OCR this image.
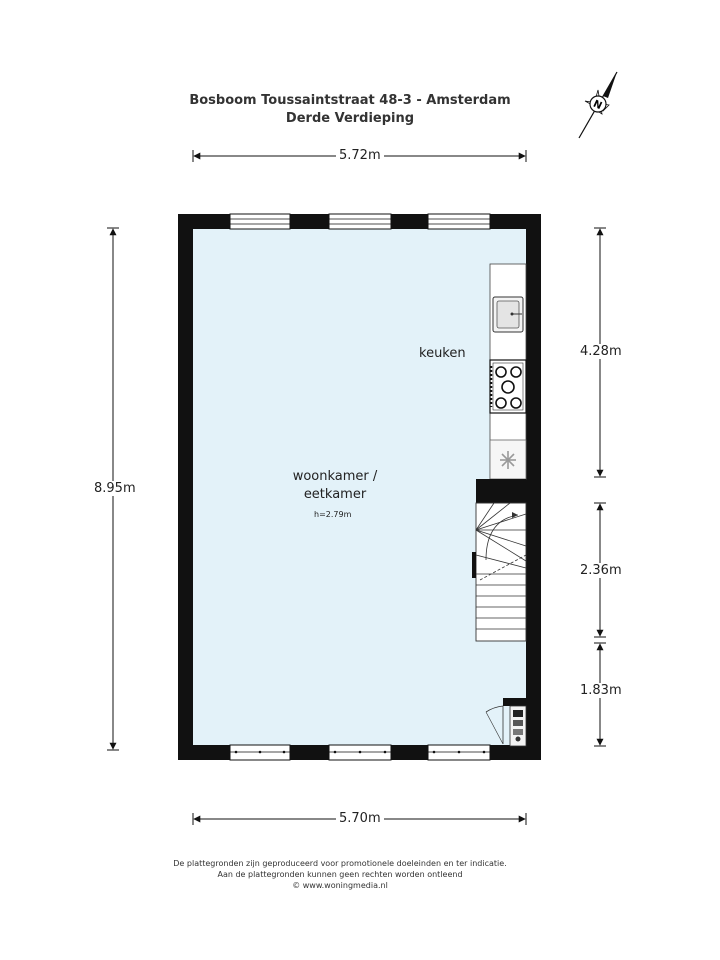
Bosboom Toussaintstraat 48-3 - Amsterdam
Derde Verdieping
N
5.72m
5.70m
8.95m
4.28m
2.36m
1.83m
keuken
woonkamer /
eetkamer
h=2.79m
De plattegronden zijn geproduceerd voor promotionele doeleinden en ter indicatie.
Aan de plattegronden kunnen geen rechten worden ontleend
© www.woningmedia.nl
